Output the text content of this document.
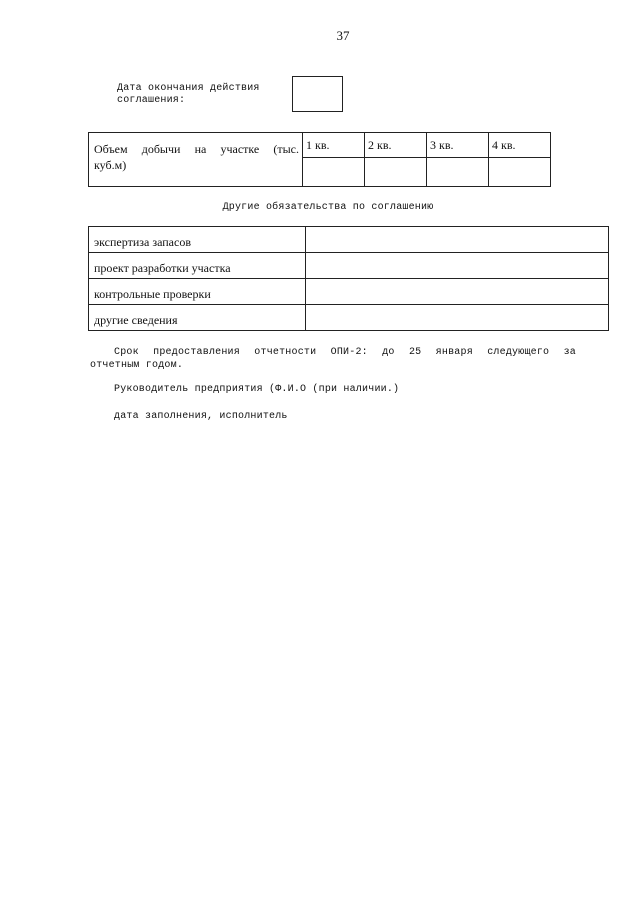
37
Дата окончания действия
соглашения:
Объем добычи на участке (тыс.
куб.м)	1 кв.	2 кв.	3 кв.	4 кв.

Другие обязательства по соглашению
экспертиза запасов	
проект разработки участка	
контрольные проверки	
другие сведения	
Срок предоставления отчетности ОПИ-2: до 25 января следующего за
отчетным годом.
Руководитель предприятия (Ф.И.О (при наличии.)
дата заполнения, исполнитель
